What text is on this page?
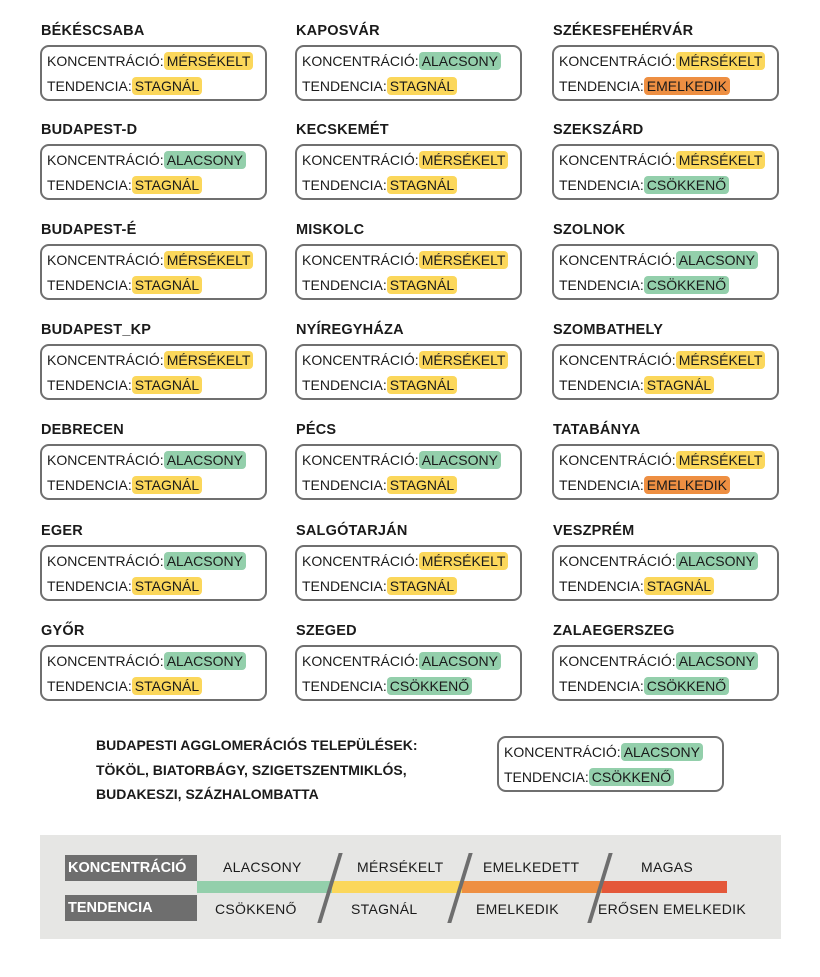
BÉKÉSCSABA
KONCENTRÁCIÓ: MÉRSÉKELT
TENDENCIA: STAGNÁL
KAPOSVÁR
KONCENTRÁCIÓ: ALACSONY
TENDENCIA: STAGNÁL
SZÉKESFEHÉRVÁR
KONCENTRÁCIÓ: MÉRSÉKELT
TENDENCIA: EMELKEDIK
BUDAPEST-D
KONCENTRÁCIÓ: ALACSONY
TENDENCIA: STAGNÁL
KECSKEMÉT
KONCENTRÁCIÓ: MÉRSÉKELT
TENDENCIA: STAGNÁL
SZEKSZÁRD
KONCENTRÁCIÓ: MÉRSÉKELT
TENDENCIA: CSÖKKENŐ
BUDAPEST-É
KONCENTRÁCIÓ: MÉRSÉKELT
TENDENCIA: STAGNÁL
MISKOLC
KONCENTRÁCIÓ: MÉRSÉKELT
TENDENCIA: STAGNÁL
SZOLNOK
KONCENTRÁCIÓ: ALACSONY
TENDENCIA: CSÖKKENŐ
BUDAPEST_KP
KONCENTRÁCIÓ: MÉRSÉKELT
TENDENCIA: STAGNÁL
NYÍREGYHÁZA
KONCENTRÁCIÓ: MÉRSÉKELT
TENDENCIA: STAGNÁL
SZOMBATHELY
KONCENTRÁCIÓ: MÉRSÉKELT
TENDENCIA: STAGNÁL
DEBRECEN
KONCENTRÁCIÓ: ALACSONY
TENDENCIA: STAGNÁL
PÉCS
KONCENTRÁCIÓ: ALACSONY
TENDENCIA: STAGNÁL
TATABÁNYA
KONCENTRÁCIÓ: MÉRSÉKELT
TENDENCIA: EMELKEDIK
EGER
KONCENTRÁCIÓ: ALACSONY
TENDENCIA: STAGNÁL
SALGÓTARJÁN
KONCENTRÁCIÓ: MÉRSÉKELT
TENDENCIA: STAGNÁL
VESZPRÉM
KONCENTRÁCIÓ: ALACSONY
TENDENCIA: STAGNÁL
GYŐR
KONCENTRÁCIÓ: ALACSONY
TENDENCIA: STAGNÁL
SZEGED
KONCENTRÁCIÓ: ALACSONY
TENDENCIA: CSÖKKENŐ
ZALAEGERSZEG
KONCENTRÁCIÓ: ALACSONY
TENDENCIA: CSÖKKENŐ
BUDAPESTI AGGLOMERÁCIÓS TELEPÜLÉSEK:
TÖKÖL, BIATORBÁGY, SZIGETSZENTMIKLÓS,
BUDAKESZI, SZÁZHALOMBATTA
KONCENTRÁCIÓ: ALACSONY
TENDENCIA: CSÖKKENŐ
KONCENTRÁCIÓ
TENDENCIA
ALACSONY	MÉRSÉKELT	EMELKEDETT	MAGAS
CSÖKKENŐ	STAGNÁL	EMELKEDIK	ERŐSEN EMELKEDIK
